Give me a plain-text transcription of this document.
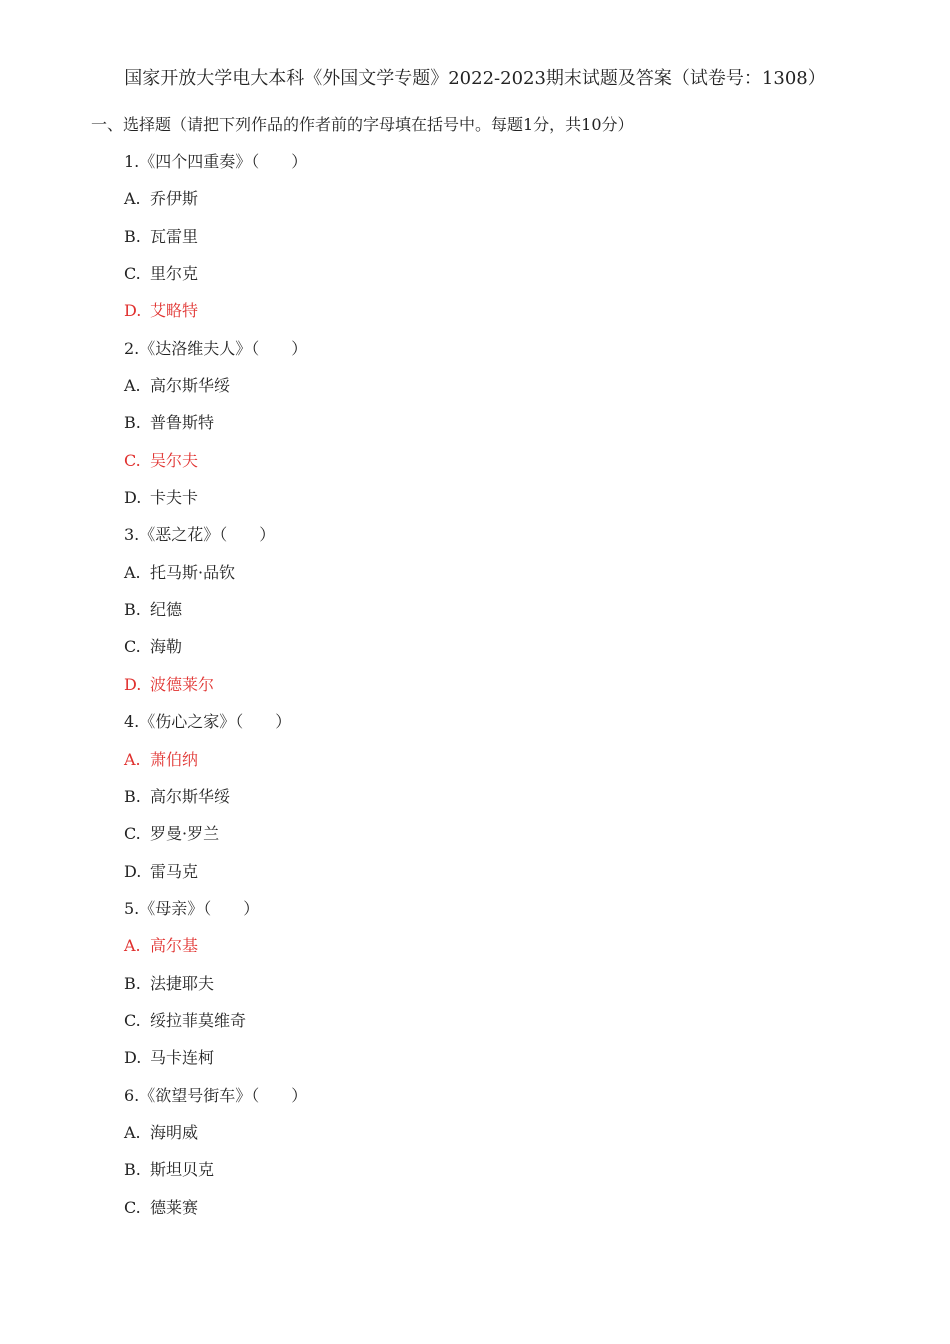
国家开放大学电大本科《外国文学专题》2022-2023期末试题及答案（试卷号：1308）
一、选择题（请把下列作品的作者前的字母填在括号中。每题1分，共10分）
1.《四个四重奏》（　　）
A. 乔伊斯
B. 瓦雷里
C. 里尔克
D. 艾略特
2.《达洛维夫人》（　　）
A. 高尔斯华绥
B. 普鲁斯特
C. 吴尔夫
D. 卡夫卡
3.《恶之花》（　　）
A. 托马斯·品钦
B. 纪德
C. 海勒
D. 波德莱尔
4.《伤心之家》（　　）
A. 萧伯纳
B. 高尔斯华绥
C. 罗曼·罗兰
D. 雷马克
5.《母亲》（　　）
A. 高尔基
B. 法捷耶夫
C. 绥拉菲莫维奇
D. 马卡连柯
6.《欲望号街车》（　　）
A. 海明威
B. 斯坦贝克
C. 德莱赛
